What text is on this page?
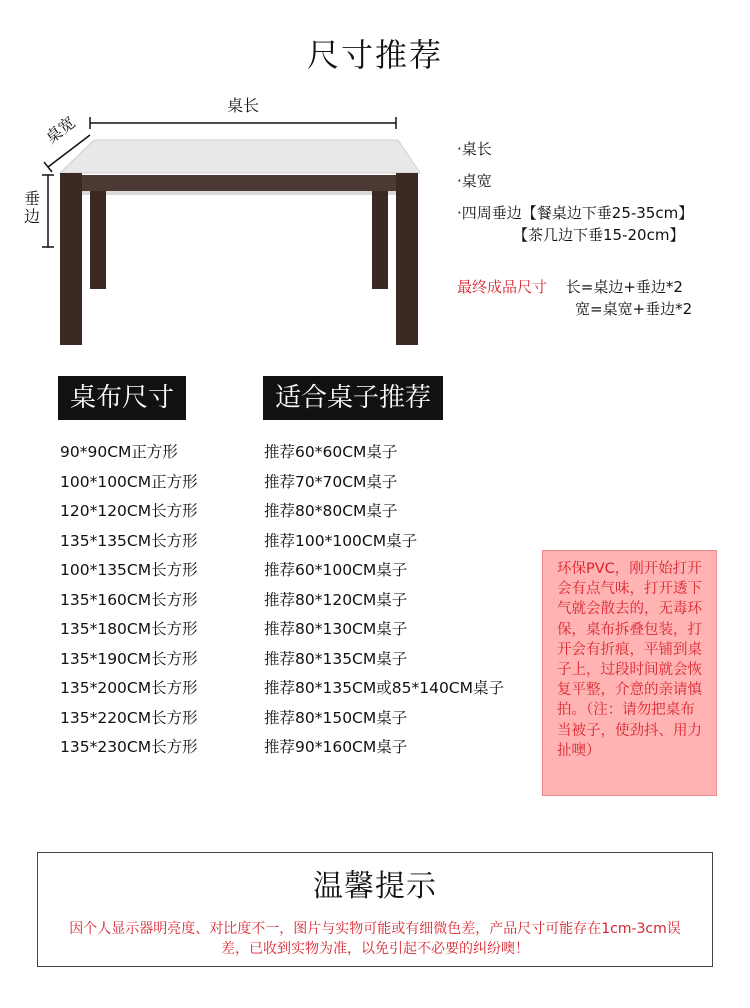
尺寸推荐
桌长
桌宽
垂边
·桌长
·桌宽
·四周垂边【餐桌边下垂25-35cm】
【茶几边下垂15-20cm】
最终成品尺寸 长=桌边+垂边*2
宽=桌宽+垂边*2
桌布尺寸	适合桌子推荐
90*90CM正方形
100*100CM正方形
120*120CM长方形
135*135CM长方形
100*135CM长方形
135*160CM长方形
135*180CM长方形
135*190CM长方形
135*200CM长方形
135*220CM长方形
135*230CM长方形
推荐60*60CM桌子
推荐70*70CM桌子
推荐80*80CM桌子
推荐100*100CM桌子
推荐60*100CM桌子
推荐80*120CM桌子
推荐80*130CM桌子
推荐80*135CM桌子
推荐80*135CM或85*140CM桌子
推荐80*150CM桌子
推荐90*160CM桌子
环保PVC，刚开始打开会有点气味，打开透下气就会散去的，无毒环保，桌布拆叠包装，打开会有折痕，平铺到桌子上，过段时间就会恢复平整，介意的亲请慎拍。（注：请勿把桌布当被子，使劲抖、用力扯噢）
温馨提示
因个人显示器明亮度、对比度不一，图片与实物可能或有细微色差，产品尺寸可能存在1cm-3cm误差，已收到实物为准，以免引起不必要的纠纷噢！
